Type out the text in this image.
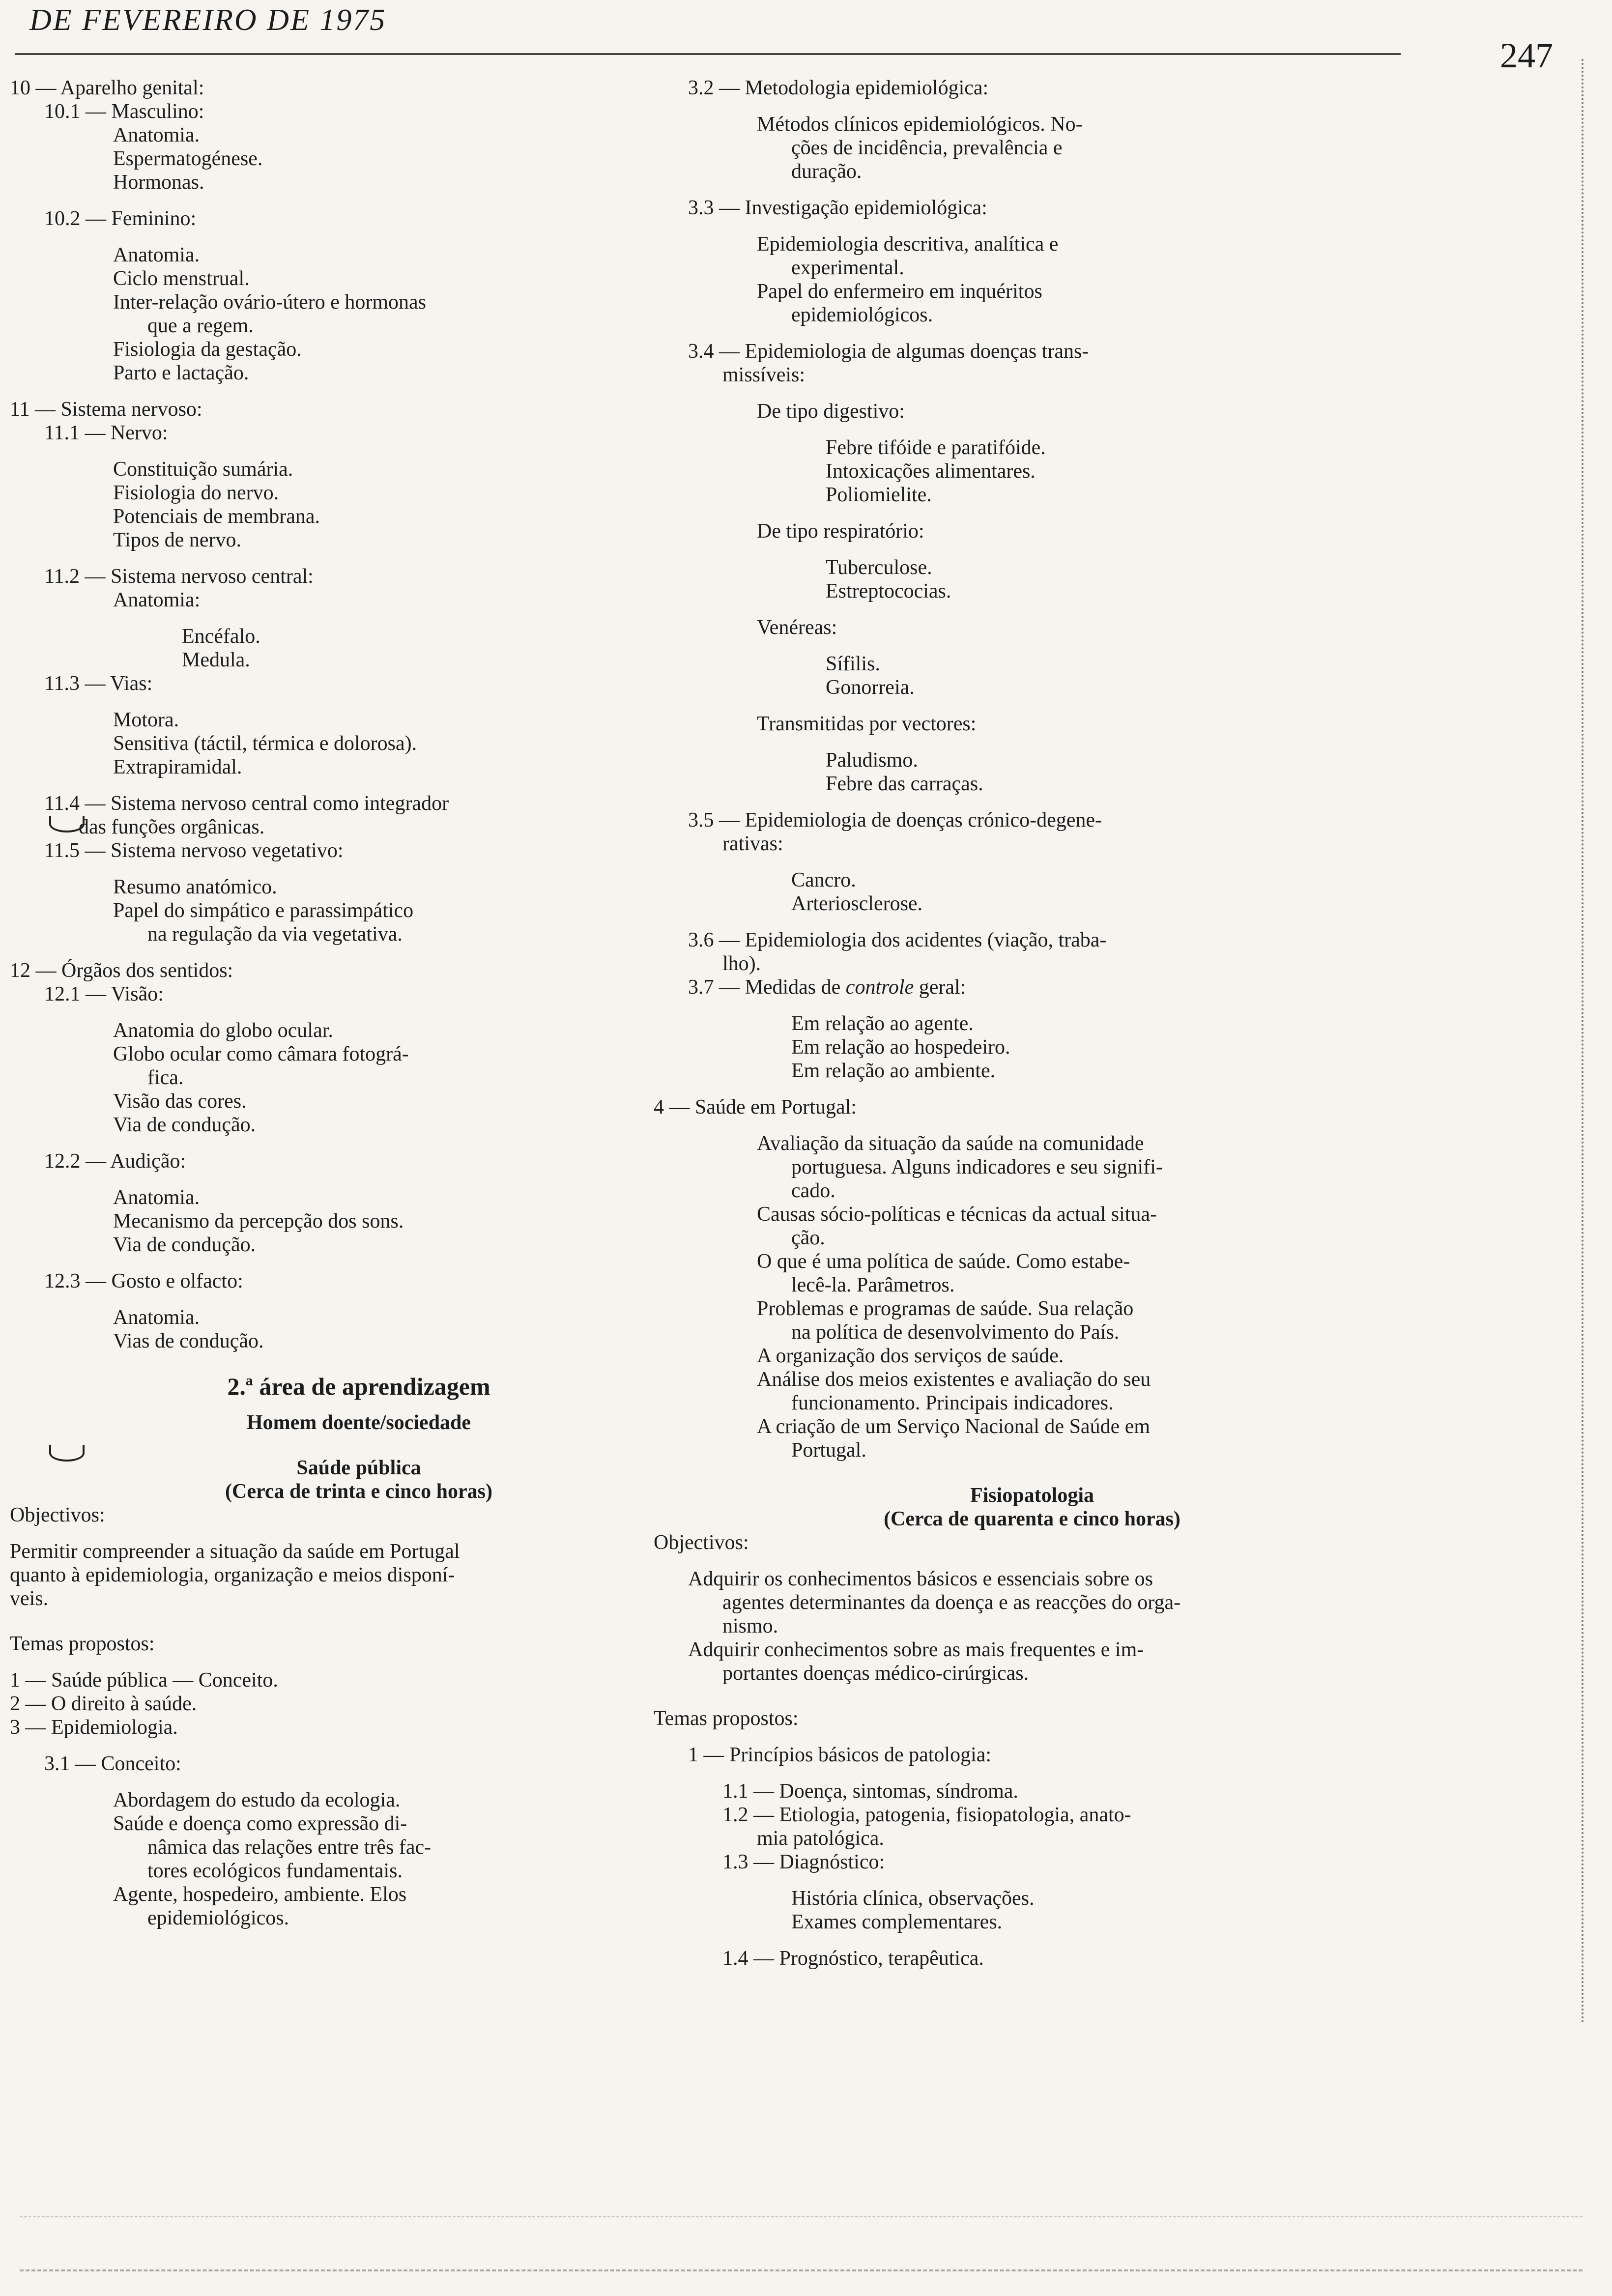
DE FEVEREIRO DE 1975
247
10 — Aparelho genital:
10.1 — Masculino:
Anatomia.
Espermatogénese.
Hormonas.
10.2 — Feminino:
Anatomia.
Ciclo menstrual.
Inter-relação ovário-útero e hormonas
que a regem.
Fisiologia da gestação.
Parto e lactação.
11 — Sistema nervoso:
11.1 — Nervo:
Constituição sumária.
Fisiologia do nervo.
Potenciais de membrana.
Tipos de nervo.
11.2 — Sistema nervoso central:
Anatomia:
Encéfalo.
Medula.
11.3 — Vias:
Motora.
Sensitiva (táctil, térmica e dolorosa).
Extrapiramidal.
11.4 — Sistema nervoso central como integrador
das funções orgânicas.
11.5 — Sistema nervoso vegetativo:
Resumo anatómico.
Papel do simpático e parassimpático
na regulação da via vegetativa.
12 — Órgãos dos sentidos:
12.1 — Visão:
Anatomia do globo ocular.
Globo ocular como câmara fotográ-
fica.
Visão das cores.
Via de condução.
12.2 — Audição:
Anatomia.
Mecanismo da percepção dos sons.
Via de condução.
12.3 — Gosto e olfacto:
Anatomia.
Vias de condução.
2.ª área de aprendizagem
Homem doente/sociedade
Saúde pública
(Cerca de trinta e cinco horas)
Objectivos:
Permitir compreender a situação da saúde em Portugal
quanto à epidemiologia, organização e meios disponí-
veis.
Temas propostos:
1 — Saúde pública — Conceito.
2 — O direito à saúde.
3 — Epidemiologia.
3.1 — Conceito:
Abordagem do estudo da ecologia.
Saúde e doença como expressão di-
nâmica das relações entre três fac-
tores ecológicos fundamentais.
Agente, hospedeiro, ambiente. Elos
epidemiológicos.
3.2 — Metodologia epidemiológica:
Métodos clínicos epidemiológicos. No-
ções de incidência, prevalência e
duração.
3.3 — Investigação epidemiológica:
Epidemiologia descritiva, analítica e
experimental.
Papel do enfermeiro em inquéritos
epidemiológicos.
3.4 — Epidemiologia de algumas doenças trans-
missíveis:
De tipo digestivo:
Febre tifóide e paratifóide.
Intoxicações alimentares.
Poliomielite.
De tipo respiratório:
Tuberculose.
Estreptococias.
Venéreas:
Sífilis.
Gonorreia.
Transmitidas por vectores:
Paludismo.
Febre das carraças.
3.5 — Epidemiologia de doenças crónico-degene-
rativas:
Cancro.
Arteriosclerose.
3.6 — Epidemiologia dos acidentes (viação, traba-
lho).
3.7 — Medidas de controle geral:
Em relação ao agente.
Em relação ao hospedeiro.
Em relação ao ambiente.
4 — Saúde em Portugal:
Avaliação da situação da saúde na comunidade
portuguesa. Alguns indicadores e seu signifi-
cado.
Causas sócio-políticas e técnicas da actual situa-
ção.
O que é uma política de saúde. Como estabe-
lecê-la. Parâmetros.
Problemas e programas de saúde. Sua relação
na política de desenvolvimento do País.
A organização dos serviços de saúde.
Análise dos meios existentes e avaliação do seu
funcionamento. Principais indicadores.
A criação de um Serviço Nacional de Saúde em
Portugal.
Fisiopatologia
(Cerca de quarenta e cinco horas)
Objectivos:
Adquirir os conhecimentos básicos e essenciais sobre os
agentes determinantes da doença e as reacções do orga-
nismo.
Adquirir conhecimentos sobre as mais frequentes e im-
portantes doenças médico-cirúrgicas.
Temas propostos:
1 — Princípios básicos de patologia:
1.1 — Doença, sintomas, síndroma.
1.2 — Etiologia, patogenia, fisiopatologia, anato-
mia patológica.
1.3 — Diagnóstico:
História clínica, observações.
Exames complementares.
1.4 — Prognóstico, terapêutica.
